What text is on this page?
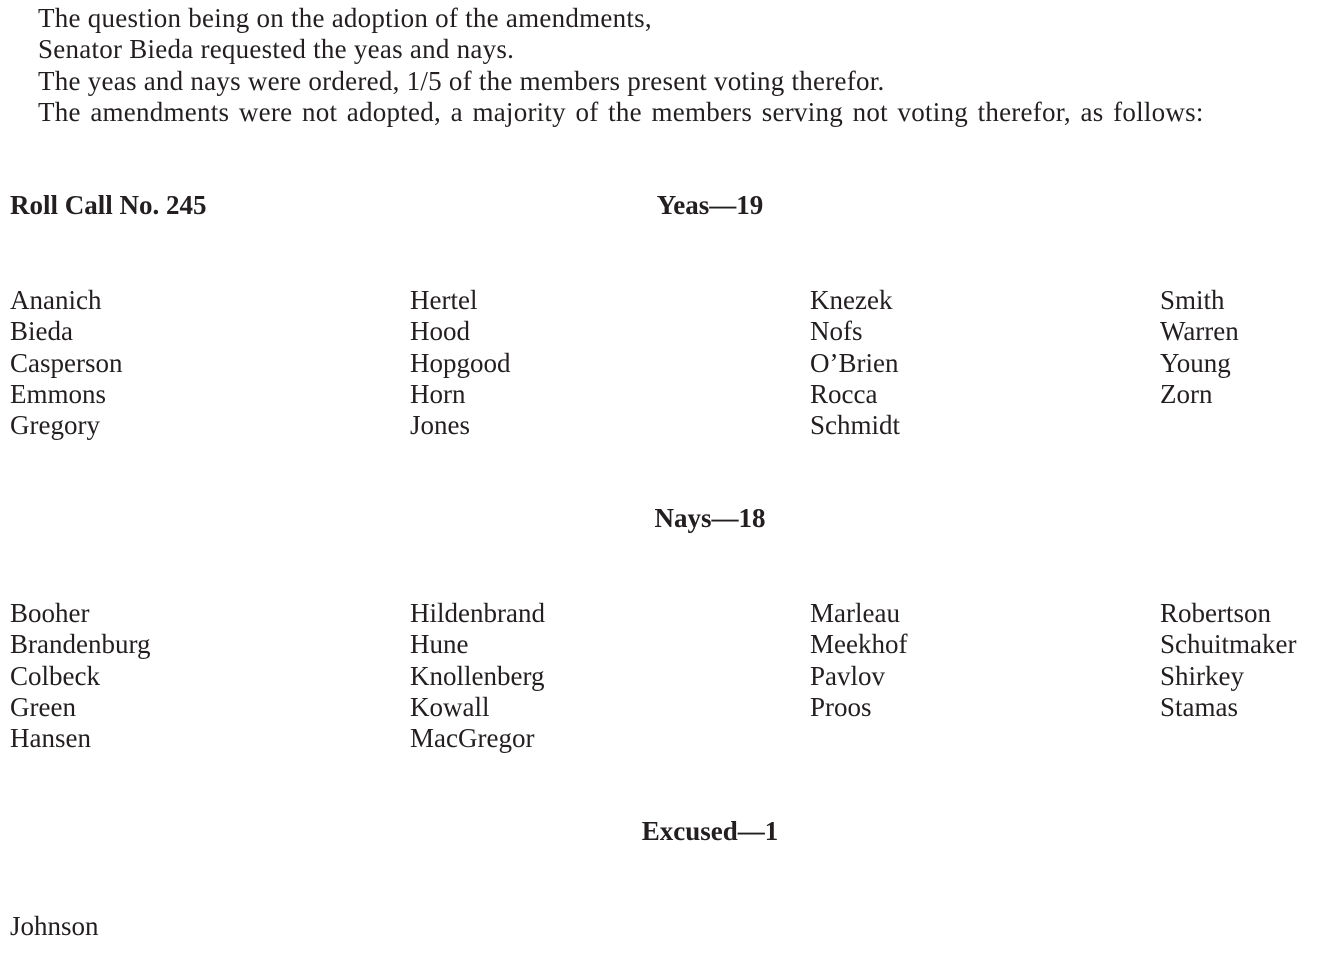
The question being on the adoption of the amendments,
Senator Bieda requested the yeas and nays.
The yeas and nays were ordered, 1/5 of the members present voting therefor.
The amendments were not adopted, a majority of the members serving not voting therefor, as follows:
Roll Call No. 245	Yeas—19
Ananich
Bieda
Casperson
Emmons
Gregory
Hertel
Hood
Hopgood
Horn
Jones
Knezek
Nofs
O’Brien
Rocca
Schmidt
Smith
Warren
Young
Zorn
Nays—18
Booher
Brandenburg
Colbeck
Green
Hansen
Hildenbrand
Hune
Knollenberg
Kowall
MacGregor
Marleau
Meekhof
Pavlov
Proos
Robertson
Schuitmaker
Shirkey
Stamas
Excused—1
Johnson
